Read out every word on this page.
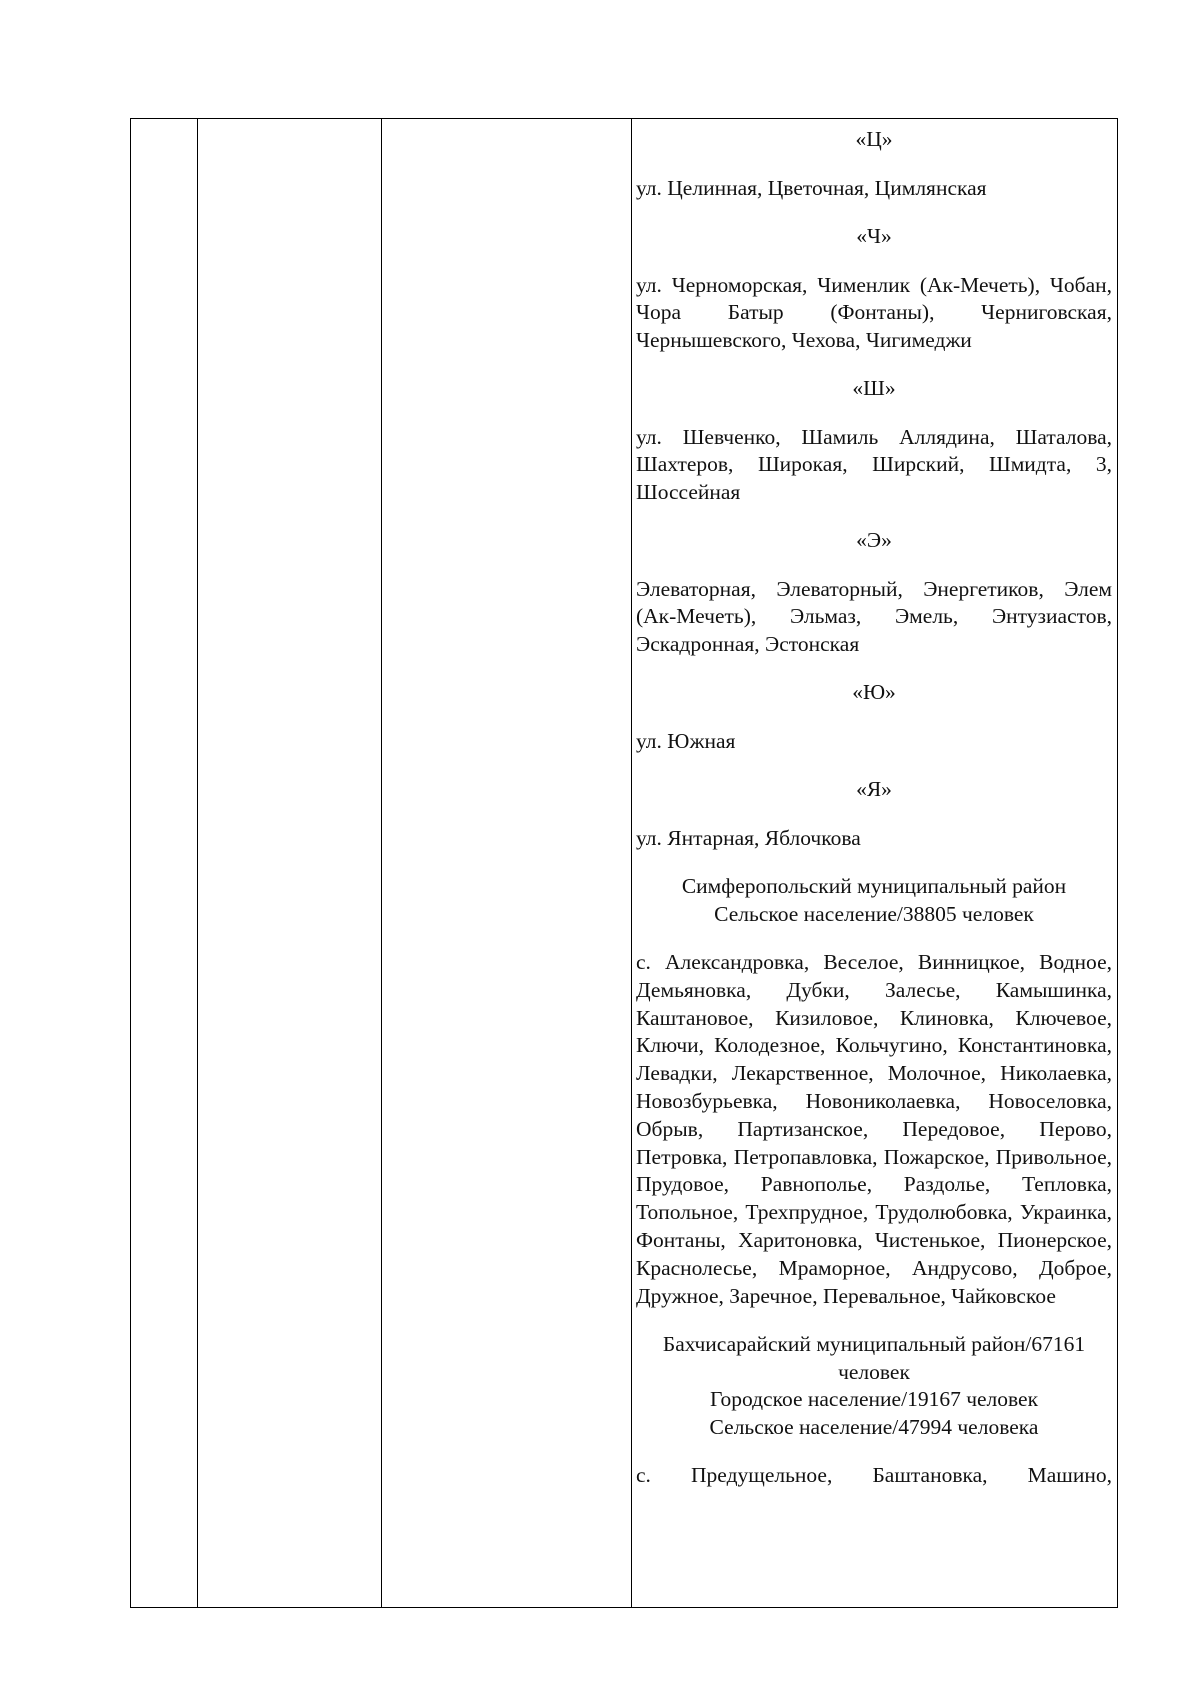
«Ц»

ул. Целинная, Цветочная, Цимлянская

«Ч»

ул. Черноморская, Чименлик (Ак-Мечеть), Чобан, Чора Батыр (Фонтаны), Черниговская, Чернышевского, Чехова, Чигимеджи

«Ш»

ул. Шевченко, Шамиль Аллядина, Шаталова, Шахтеров, Широкая, Ширский, Шмидта, 3, Шоссейная

«Э»

Элеваторная, Элеваторный, Энергетиков, Элем (Ак-Мечеть), Эльмаз, Эмель, Энтузиастов, Эскадронная, Эстонская

«Ю»

ул. Южная

«Я»

ул. Янтарная, Яблочкова

Симферопольский муниципальный район
Сельское население/38805 человек

с. Александровка, Веселое, Винницкое, Водное, Демьяновка, Дубки, Залесье, Камышинка, Каштановое, Кизиловое, Клиновка, Ключевое, Ключи, Колодезное, Кольчугино, Константиновка, Левадки, Лекарственное, Молочное, Николаевка, Новозбурьевка, Новониколаевка, Новоселовка, Обрыв, Партизанское, Передовое, Перово, Петровка, Петропавловка, Пожарское, Привольное, Прудовое, Равнополье, Раздолье, Тепловка, Топольное, Трехпрудное, Трудолюбовка, Украинка, Фонтаны, Харитоновка, Чистенькое, Пионерское, Краснолесье, Мраморное, Андрусово, Доброе, Дружное, Заречное, Перевальное, Чайковское

Бахчисарайский муниципальный район/67161 человек
Городское население/19167 человек
Сельское население/47994 человека

с. Предущельное, Баштановка, Машино,
